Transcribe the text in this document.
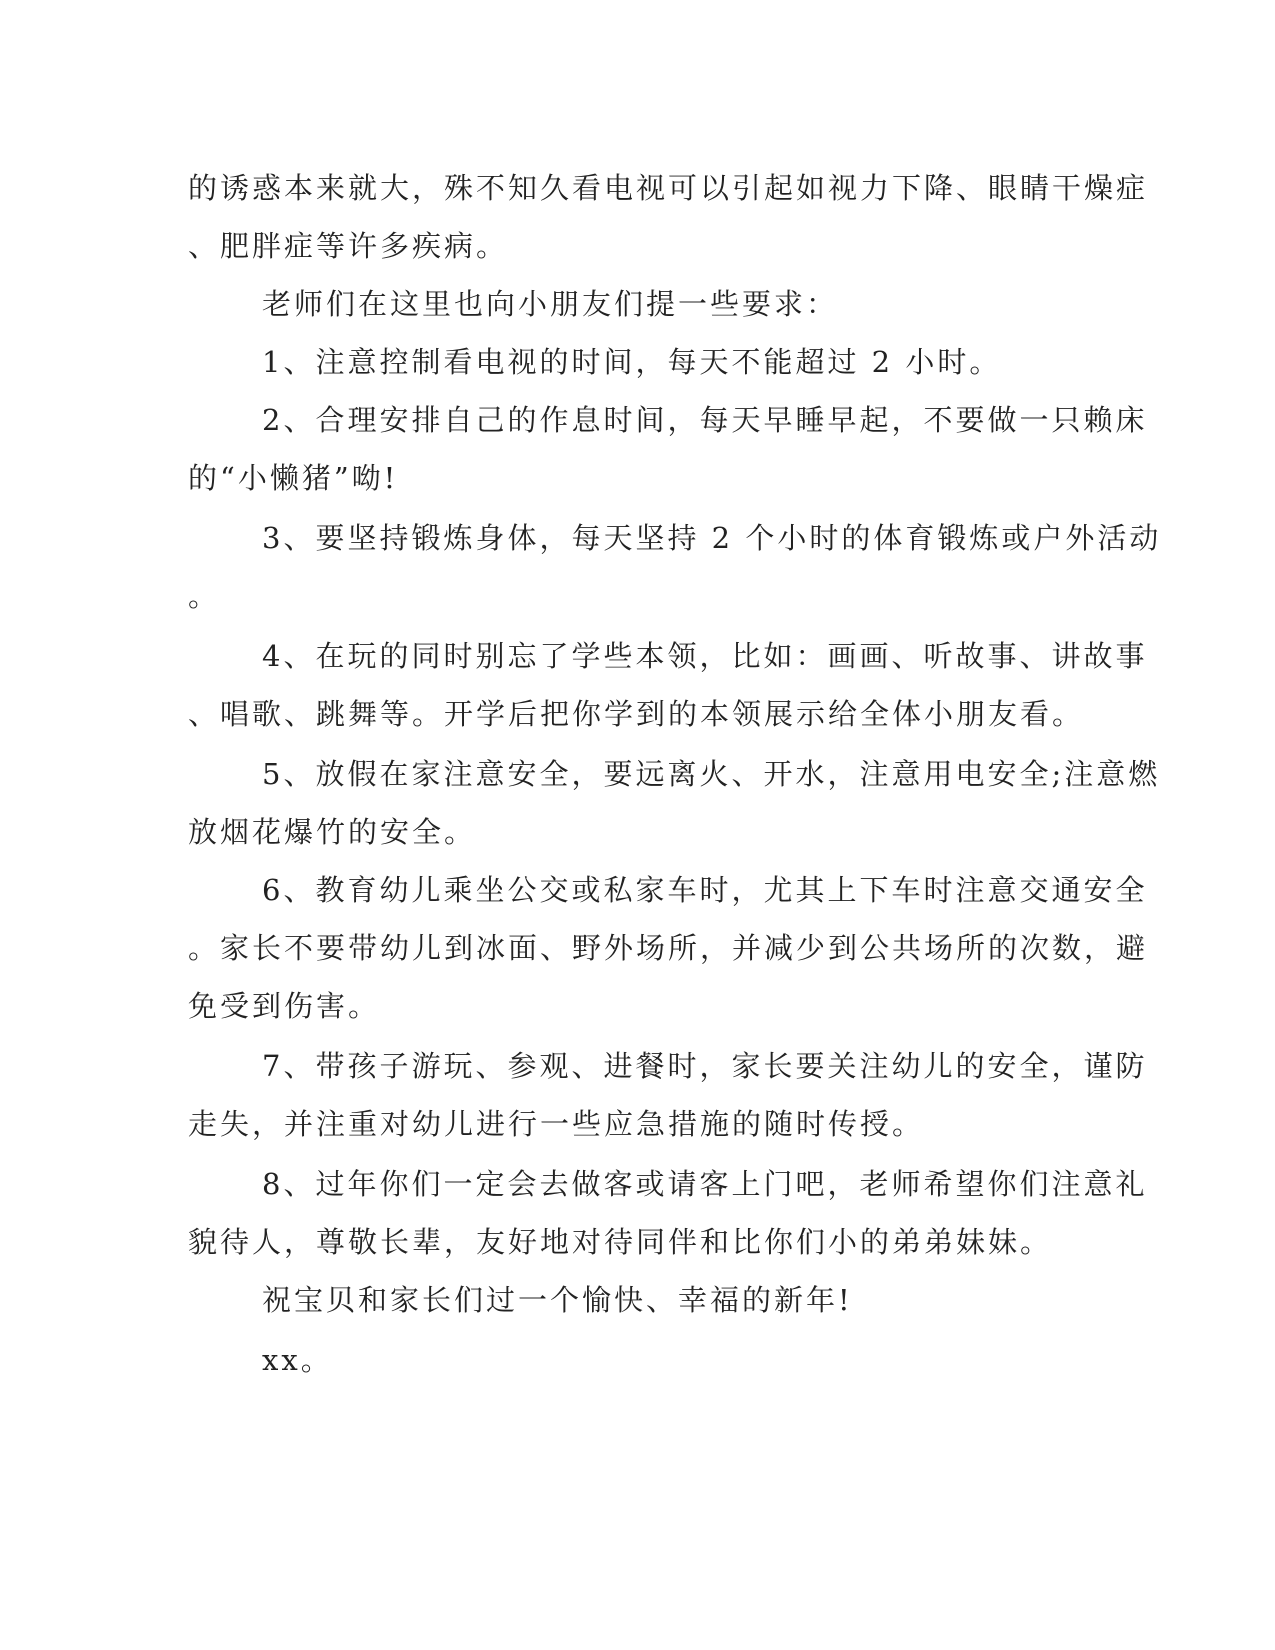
的诱惑本来就大，殊不知久看电视可以引起如视力下降、眼睛干燥症
、肥胖症等许多疾病。
老师们在这里也向小朋友们提一些要求：
1、注意控制看电视的时间，每天不能超过 2 小时。
2、合理安排自己的作息时间，每天早睡早起，不要做一只赖床
的“小懒猪”呦!
3、要坚持锻炼身体，每天坚持 2 个小时的体育锻炼或户外活动
。
4、在玩的同时别忘了学些本领，比如：画画、听故事、讲故事
、唱歌、跳舞等。开学后把你学到的本领展示给全体小朋友看。
5、放假在家注意安全，要远离火、开水，注意用电安全;注意燃
放烟花爆竹的安全。
6、教育幼儿乘坐公交或私家车时，尤其上下车时注意交通安全
。家长不要带幼儿到冰面、野外场所，并减少到公共场所的次数，避
免受到伤害。
7、带孩子游玩、参观、进餐时，家长要关注幼儿的安全，谨防
走失，并注重对幼儿进行一些应急措施的随时传授。
8、过年你们一定会去做客或请客上门吧，老师希望你们注意礼
貌待人，尊敬长辈，友好地对待同伴和比你们小的弟弟妹妹。
祝宝贝和家长们过一个愉快、幸福的新年!
xx。
